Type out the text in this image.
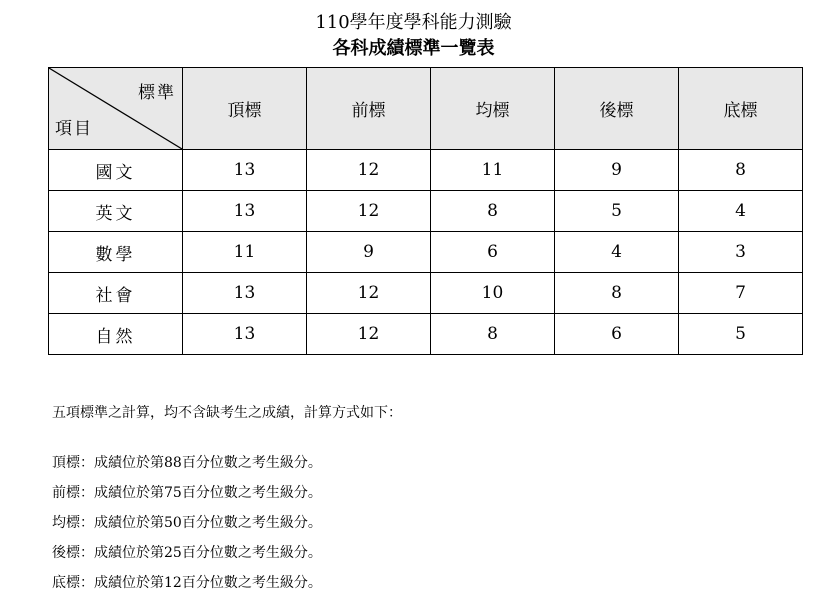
110學年度學科能力測驗
各科成績標準一覽表
標準
項目	頂標	前標	均標	後標	底標
國文	13	12	11	9	8
英文	13	12	8	5	4
數學	11	9	6	4	3
社會	13	12	10	8	7
自然	13	12	8	6	5

五項標準之計算，均不含缺考生之成績，計算方式如下：

頂標：成績位於第88百分位數之考生級分。

前標：成績位於第75百分位數之考生級分。

均標：成績位於第50百分位數之考生級分。

後標：成績位於第25百分位數之考生級分。

底標：成績位於第12百分位數之考生級分。
